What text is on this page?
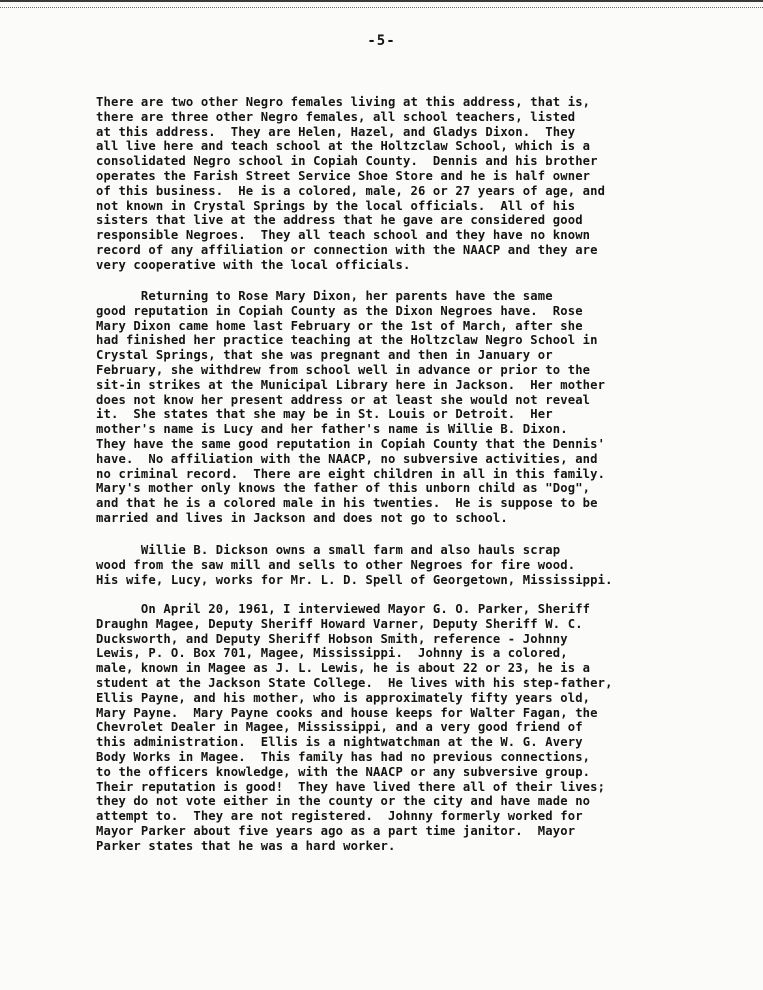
-5-
There are two other Negro females living at this address, that is,
there are three other Negro females, all school teachers, listed
at this address.  They are Helen, Hazel, and Gladys Dixon.  They
all live here and teach school at the Holtzclaw School, which is a
consolidated Negro school in Copiah County.  Dennis and his brother
operates the Farish Street Service Shoe Store and he is half owner
of this business.  He is a colored, male, 26 or 27 years of age, and
not known in Crystal Springs by the local officials.  All of his
sisters that live at the address that he gave are considered good
responsible Negroes.  They all teach school and they have no known
record of any affiliation or connection with the NAACP and they are
very cooperative with the local officials.
Returning to Rose Mary Dixon, her parents have the same
good reputation in Copiah County as the Dixon Negroes have.  Rose
Mary Dixon came home last February or the 1st of March, after she
had finished her practice teaching at the Holtzclaw Negro School in
Crystal Springs, that she was pregnant and then in January or
February, she withdrew from school well in advance or prior to the
sit-in strikes at the Municipal Library here in Jackson.  Her mother
does not know her present address or at least she would not reveal
it.  She states that she may be in St. Louis or Detroit.  Her
mother's name is Lucy and her father's name is Willie B. Dixon.
They have the same good reputation in Copiah County that the Dennis'
have.  No affiliation with the NAACP, no subversive activities, and
no criminal record.  There are eight children in all in this family.
Mary's mother only knows the father of this unborn child as "Dog",
and that he is a colored male in his twenties.  He is suppose to be
married and lives in Jackson and does not go to school.
Willie B. Dickson owns a small farm and also hauls scrap
wood from the saw mill and sells to other Negroes for fire wood.
His wife, Lucy, works for Mr. L. D. Spell of Georgetown, Mississippi.
On April 20, 1961, I interviewed Mayor G. O. Parker, Sheriff
Draughn Magee, Deputy Sheriff Howard Varner, Deputy Sheriff W. C.
Ducksworth, and Deputy Sheriff Hobson Smith, reference - Johnny
Lewis, P. O. Box 701, Magee, Mississippi.  Johnny is a colored,
male, known in Magee as J. L. Lewis, he is about 22 or 23, he is a
student at the Jackson State College.  He lives with his step-father,
Ellis Payne, and his mother, who is approximately fifty years old,
Mary Payne.  Mary Payne cooks and house keeps for Walter Fagan, the
Chevrolet Dealer in Magee, Mississippi, and a very good friend of
this administration.  Ellis is a nightwatchman at the W. G. Avery
Body Works in Magee.  This family has had no previous connections,
to the officers knowledge, with the NAACP or any subversive group.
Their reputation is good!  They have lived there all of their lives;
they do not vote either in the county or the city and have made no
attempt to.  They are not registered.  Johnny formerly worked for
Mayor Parker about five years ago as a part time janitor.  Mayor
Parker states that he was a hard worker.
